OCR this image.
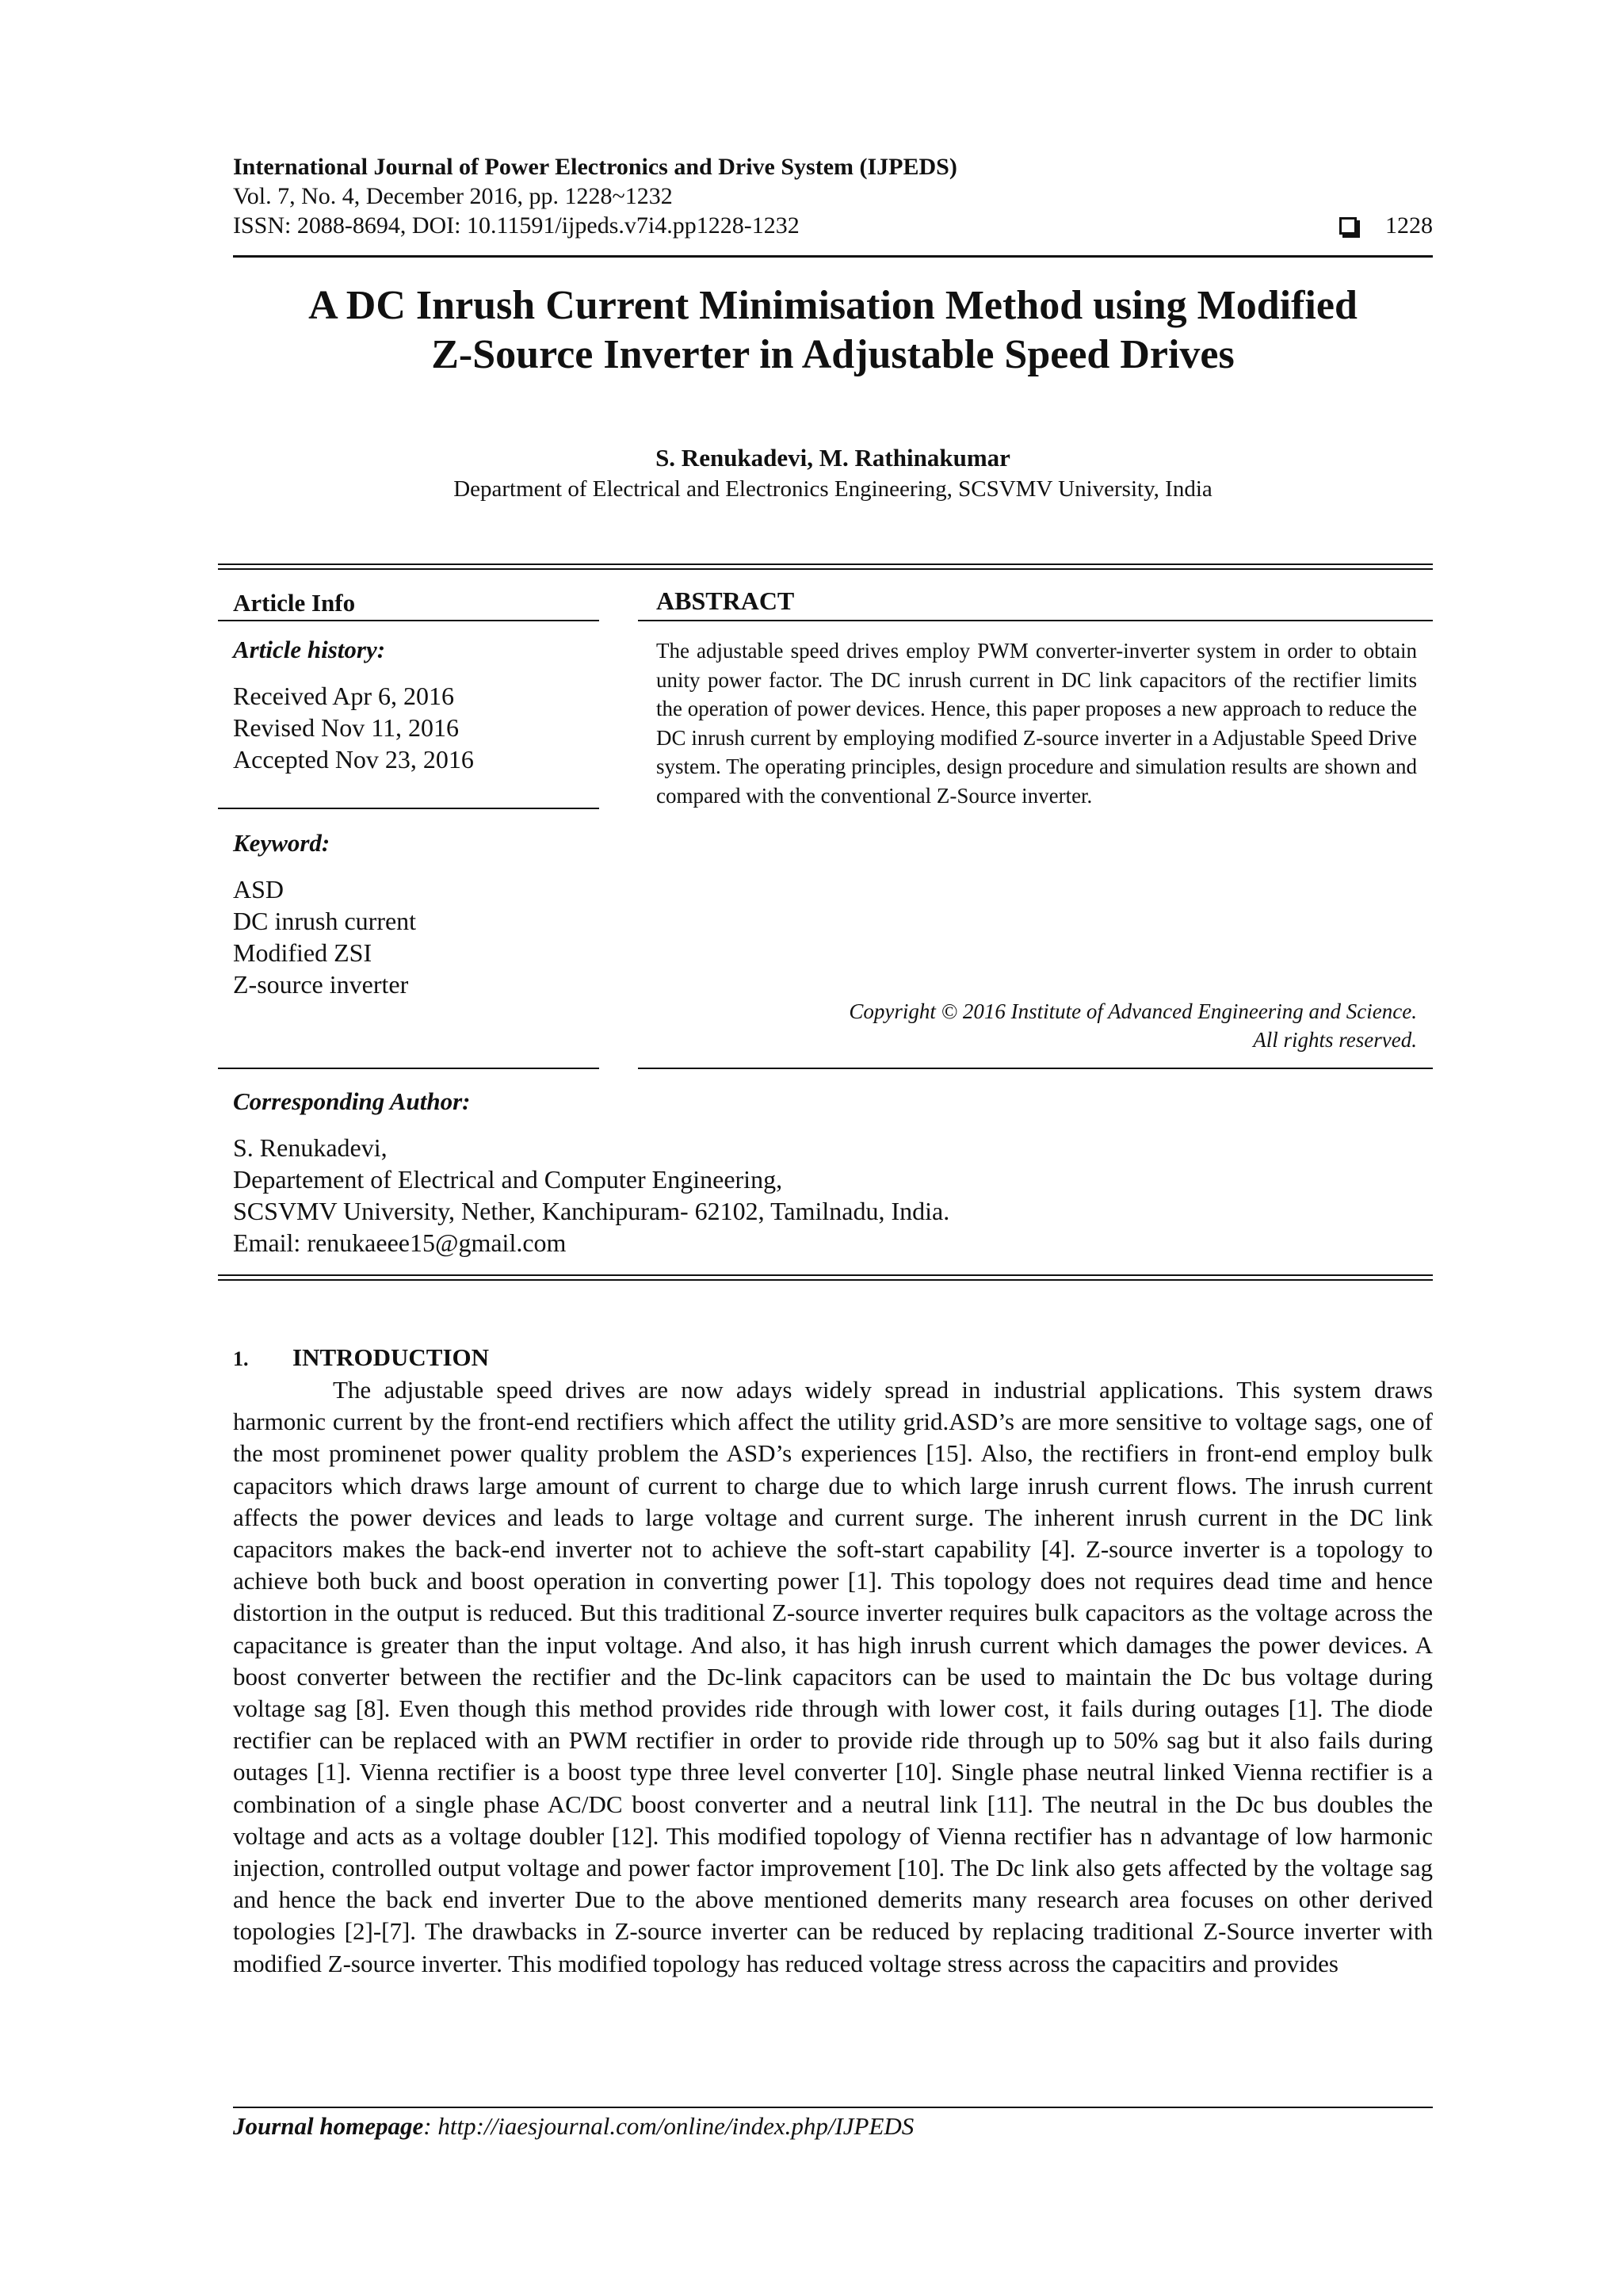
International Journal of Power Electronics and Drive System (IJPEDS)
Vol. 7, No. 4, December 2016, pp. 1228~1232
ISSN: 2088-8694, DOI: 10.11591/ijpeds.v7i4.pp1228-1232	1228
A DC Inrush Current Minimisation Method using Modified
Z-Source Inverter in Adjustable Speed Drives
S. Renukadevi, M. Rathinakumar
Department of Electrical and Electronics Engineering, SCSVMV University, India
Article Info
Article history:
Received Apr 6, 2016
Revised Nov 11, 2016
Accepted Nov 23, 2016
Keyword:
ASD
DC inrush current
Modified ZSI
Z-source inverter
ABSTRACT
The adjustable speed drives employ PWM converter-inverter system in order to obtain unity power factor. The DC inrush current in DC link capacitors of the rectifier limits the operation of power devices. Hence, this paper proposes a new approach to reduce the DC inrush current by employing modified Z-source inverter in a Adjustable Speed Drive system. The operating principles, design procedure and simulation results are shown and compared with the conventional Z-Source inverter.
Copyright © 2016 Institute of Advanced Engineering and Science.
All rights reserved.
Corresponding Author:
S. Renukadevi,
Departement of Electrical and Computer Engineering,
SCSVMV University, Nether, Kanchipuram- 62102, Tamilnadu, India.
Email: renukaeee15@gmail.com
1. INTRODUCTION
The adjustable speed drives are now adays widely spread in industrial applications. This system draws harmonic current by the front-end rectifiers which affect the utility grid.ASD’s are more sensitive to voltage sags, one of the most prominenet power quality problem the ASD’s experiences [15]. Also, the rectifiers in front-end employ bulk capacitors which draws large amount of current to charge due to which large inrush current flows. The inrush current affects the power devices and leads to large voltage and current surge. The inherent inrush current in the DC link capacitors makes the back-end inverter not to achieve the soft-start capability [4]. Z-source inverter is a topology to achieve both buck and boost operation in converting power [1]. This topology does not requires dead time and hence distortion in the output is reduced. But this traditional Z-source inverter requires bulk capacitors as the voltage across the capacitance is greater than the input voltage. And also, it has high inrush current which damages the power devices. A boost converter between the rectifier and the Dc-link capacitors can be used to maintain the Dc bus voltage during voltage sag [8]. Even though this method provides ride through with lower cost, it fails during outages [1]. The diode rectifier can be replaced with an PWM rectifier in order to provide ride through up to 50% sag but it also fails during outages [1]. Vienna rectifier is a boost type three level converter [10]. Single phase neutral linked Vienna rectifier is a combination of a single phase AC/DC boost converter and a neutral link [11]. The neutral in the Dc bus doubles the voltage and acts as a voltage doubler [12]. This modified topology of Vienna rectifier has n advantage of low harmonic injection, controlled output voltage and power factor improvement [10]. The Dc link also gets affected by the voltage sag and hence the back end inverter Due to the above mentioned demerits many research area focuses on other derived topologies [2]-[7]. The drawbacks in Z-source inverter can be reduced by replacing traditional Z-Source inverter with modified Z-source inverter. This modified topology has reduced voltage stress across the capacitirs and provides
Journal homepage: http://iaesjournal.com/online/index.php/IJPEDS
